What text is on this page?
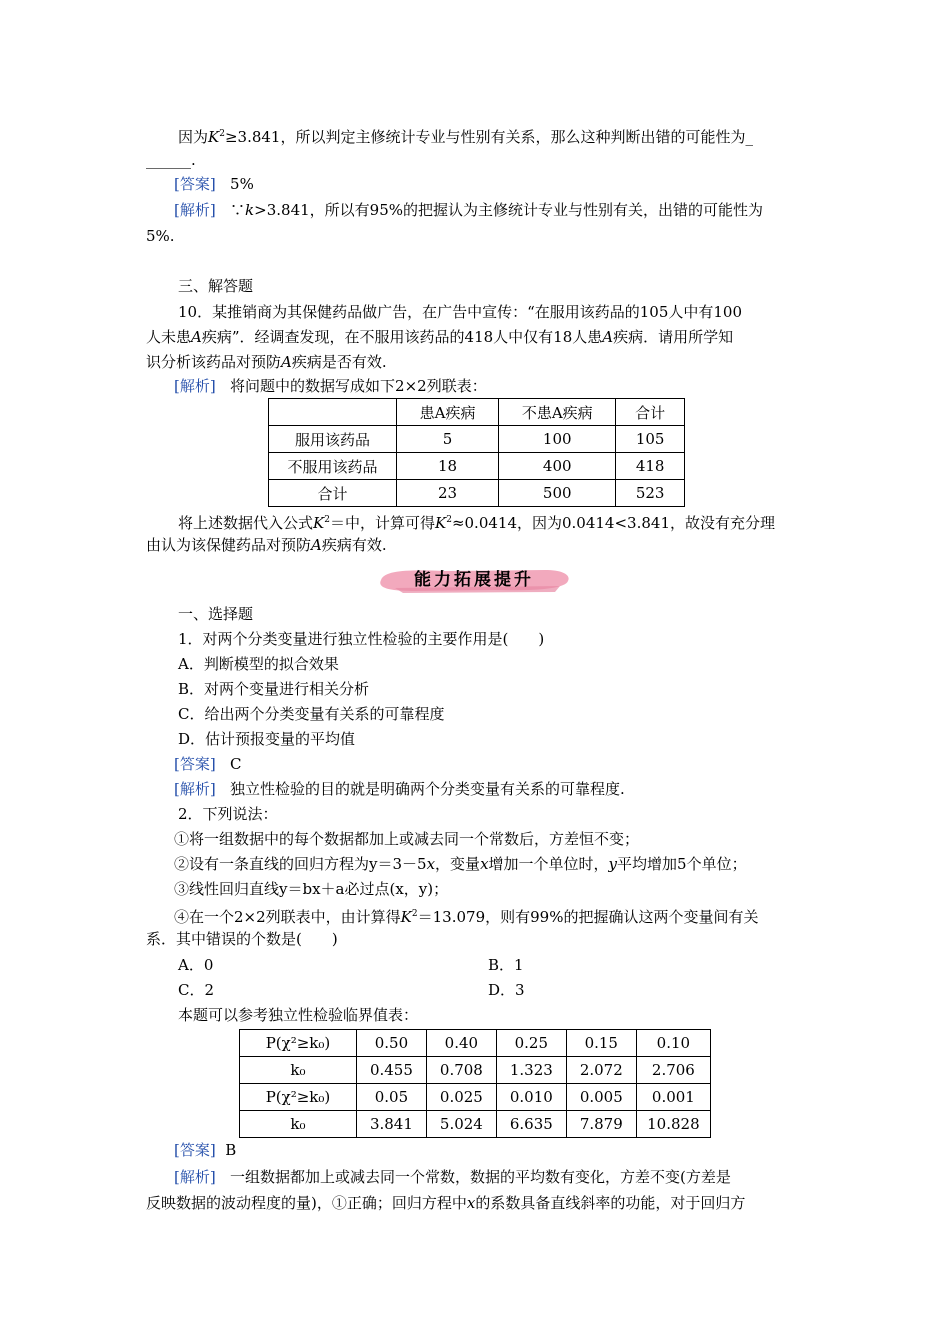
因为$K^2\ge 3.841$，所以判定主修统计专业与性别有关系，那么这种判断出错的可能性为_
______.
[答案] 5%
[解析] ∵k>3.841，所以有95%的把握认为主修统计专业与性别有关，出错的可能性为
5%.
三、解答题
10．某推销商为其保健药品做广告，在广告中宣传：“在服用该药品的105人中有100
人未患A疾病”．经调查发现，在不服用该药品的418人中仅有18人患A疾病．请用所学知
识分析该药品对预防A疾病是否有效.
[解析] 将问题中的数据写成如下2×2列联表：
	患A疾病	不患A疾病	合计
服用该药品	5	100	105
不服用该药品	18	400	418
合计	23	500	523
将上述数据代入公式$K^2=$中，计算可得$K^2\approx 0.0414$，因为0.0414<3.841，故没有充分理
由认为该保健药品对预防A疾病有效.
能力拓展提升
一、选择题
1．对两个分类变量进行独立性检验的主要作用是(　　)
A．判断模型的拟合效果
B．对两个变量进行相关分析
C．给出两个分类变量有关系的可靠程度
D．估计预报变量的平均值
[答案] C
[解析] 独立性检验的目的就是明确两个分类变量有关系的可靠程度.
2．下列说法：
①将一组数据中的每个数据都加上或减去同一个常数后，方差恒不变；
②设有一条直线的回归方程为y＝3－5x，变量x增加一个单位时，y平均增加5个单位；
③线性回归直线y＝bx＋a必过点(x，y)；
④在一个2×2列联表中，由计算得$K^2=13.079$，则有99%的把握确认这两个变量间有关
系．其中错误的个数是(　　)
A．0	B．1
C．2	D．3
本题可以参考独立性检验临界值表：
P(χ²≥k₀)	0.50	0.40	0.25	0.15	0.10
k₀	0.455	0.708	1.323	2.072	2.706
P(χ²≥k₀)	0.05	0.025	0.010	0.005	0.001
k₀	3.841	5.024	6.635	7.879	10.828
[答案] B
[解析] 一组数据都加上或减去同一个常数，数据的平均数有变化，方差不变(方差是
反映数据的波动程度的量)，①正确；回归方程中x的系数具备直线斜率的功能，对于回归方
